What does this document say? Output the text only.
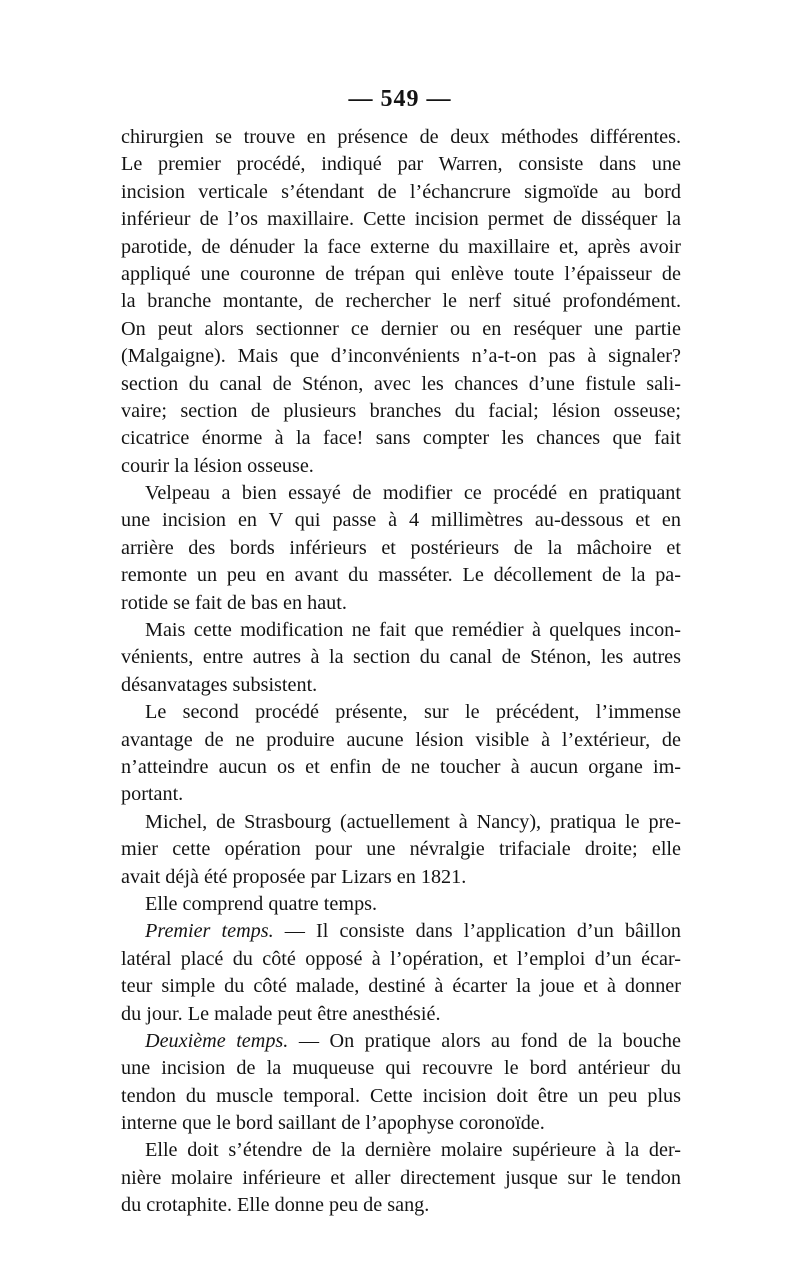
— 549 —
chirurgien se trouve en présence de deux méthodes différentes.
Le premier procédé, indiqué par Warren, consiste dans une
incision verticale s’étendant de l’échancrure sigmoïde au bord
inférieur de l’os maxillaire. Cette incision permet de disséquer la
parotide, de dénuder la face externe du maxillaire et, après avoir
appliqué une couronne de trépan qui enlève toute l’épaisseur de
la branche montante, de rechercher le nerf situé profondément.
On peut alors sectionner ce dernier ou en reséquer une partie
(Malgaigne). Mais que d’inconvénients n’a-t-on pas à signaler?
section du canal de Sténon, avec les chances d’une fistule sali-
vaire; section de plusieurs branches du facial; lésion osseuse;
cicatrice énorme à la face! sans compter les chances que fait
courir la lésion osseuse.
Velpeau a bien essayé de modifier ce procédé en pratiquant
une incision en V qui passe à 4 millimètres au-dessous et en
arrière des bords inférieurs et postérieurs de la mâchoire et
remonte un peu en avant du masséter. Le décollement de la pa-
rotide se fait de bas en haut.
Mais cette modification ne fait que remédier à quelques incon-
vénients, entre autres à la section du canal de Sténon, les autres
désanvatages subsistent.
Le second procédé présente, sur le précédent, l’immense
avantage de ne produire aucune lésion visible à l’extérieur, de
n’atteindre aucun os et enfin de ne toucher à aucun organe im-
portant.
Michel, de Strasbourg (actuellement à Nancy), pratiqua le pre-
mier cette opération pour une névralgie trifaciale droite; elle
avait déjà été proposée par Lizars en 1821.
Elle comprend quatre temps.
Premier temps. — Il consiste dans l’application d’un bâillon
latéral placé du côté opposé à l’opération, et l’emploi d’un écar-
teur simple du côté malade, destiné à écarter la joue et à donner
du jour. Le malade peut être anesthésié.
Deuxième temps. — On pratique alors au fond de la bouche
une incision de la muqueuse qui recouvre le bord antérieur du
tendon du muscle temporal. Cette incision doit être un peu plus
interne que le bord saillant de l’apophyse coronoïde.
Elle doit s’étendre de la dernière molaire supérieure à la der-
nière molaire inférieure et aller directement jusque sur le tendon
du crotaphite. Elle donne peu de sang.
